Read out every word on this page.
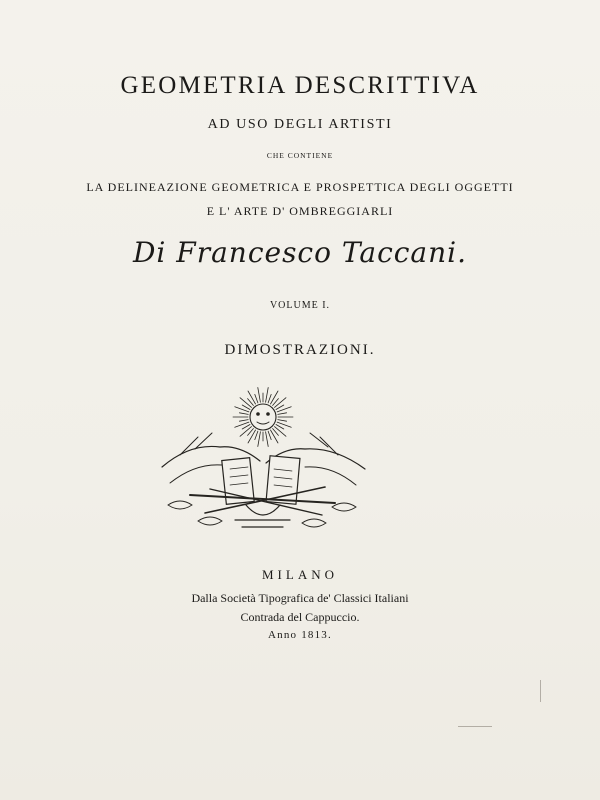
GEOMETRIA DESCRITTIVA
AD USO DEGLI ARTISTI
CHE CONTIENE
LA DELINEAZIONE GEOMETRICA E PROSPETTICA DEGLI OGGETTI
E L' ARTE D' OMBREGGIARLI
Di Francesco Taccani.
VOLUME I.
DIMOSTRAZIONI.
MILANO
Dalla Società Tipografica de' Classici Italiani
Contrada del Cappuccio.
Anno 1813.
